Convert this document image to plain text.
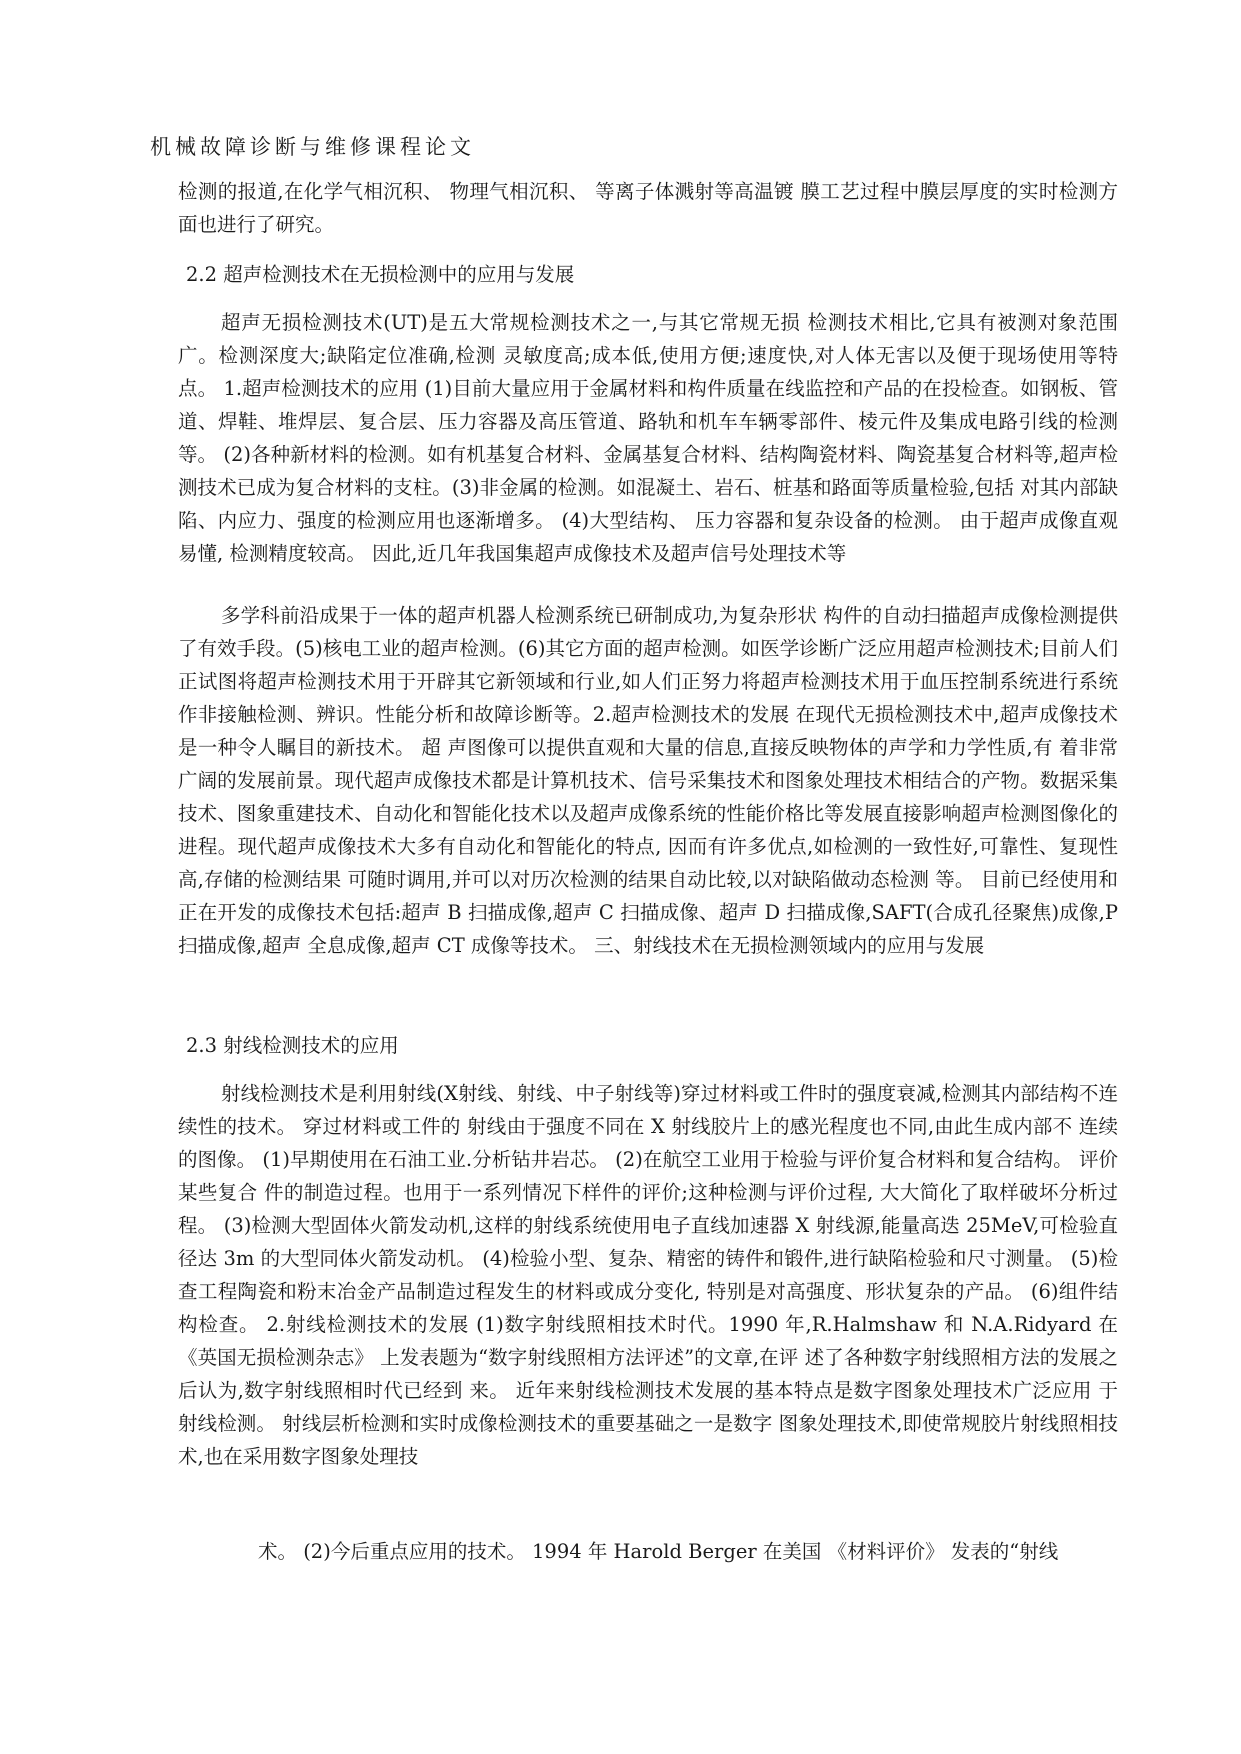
机械故障诊断与维修课程论文

检测的报道,在化学气相沉积、 物理气相沉积、 等离子体溅射等高温镀 膜工艺过程中膜层厚度的实时检测方面也进行了研究。

2.2 超声检测技术在无损检测中的应用与发展

超声无损检测技术(UT)是五大常规检测技术之一,与其它常规无损 检测技术相比,它具有被测对象范围广。检测深度大;缺陷定位准确,检测 灵敏度高;成本低,使用方便;速度快,对人体无害以及便于现场使用等特 点。 1.超声检测技术的应用 (1)目前大量应用于金属材料和构件质量在线监控和产品的在投检查。如钢板、管道、焊鞋、堆焊层、复合层、压力容器及高压管道、路轨和机车车辆零部件、棱元件及集成电路引线的检测等。 (2)各种新材料的检测。如有机基复合材料、金属基复合材料、结构陶瓷材料、陶瓷基复合材料等,超声检测技术已成为复合材料的支柱。(3)非金属的检测。如混凝土、岩石、桩基和路面等质量检验,包括 对其内部缺陷、内应力、强度的检测应用也逐渐增多。 (4)大型结构、 压力容器和复杂设备的检测。 由于超声成像直观易懂, 检测精度较高。 因此,近几年我国集超声成像技术及超声信号处理技术等

多学科前沿成果于一体的超声机器人检测系统已研制成功,为复杂形状 构件的自动扫描超声成像检测提供了有效手段。(5)核电工业的超声检测。(6)其它方面的超声检测。如医学诊断广泛应用超声检测技术;目前人们正试图将超声检测技术用于开辟其它新领域和行业,如人们正努力将超声检测技术用于血压控制系统进行系统作非接触检测、辨识。性能分析和故障诊断等。2.超声检测技术的发展 在现代无损检测技术中,超声成像技术是一种令人瞩目的新技术。 超 声图像可以提供直观和大量的信息,直接反映物体的声学和力学性质,有 着非常广阔的发展前景。现代超声成像技术都是计算机技术、信号采集技术和图象处理技术相结合的产物。数据采集技术、图象重建技术、自动化和智能化技术以及超声成像系统的性能价格比等发展直接影响超声检测图像化的进程。现代超声成像技术大多有自动化和智能化的特点, 因而有许多优点,如检测的一致性好,可靠性、复现性高,存储的检测结果 可随时调用,并可以对历次检测的结果自动比较,以对缺陷做动态检测 等。 目前已经使用和正在开发的成像技术包括:超声 B 扫描成像,超声 C 扫描成像、超声 D 扫描成像,SAFT(合成孔径聚焦)成像,P 扫描成像,超声 全息成像,超声 CT 成像等技术。 三、射线技术在无损检测领域内的应用与发展

2.3 射线检测技术的应用

射线检测技术是利用射线(X射线、射线、中子射线等)穿过材料或工件时的强度衰减,检测其内部结构不连续性的技术。 穿过材料或工件的 射线由于强度不同在 X 射线胶片上的感光程度也不同,由此生成内部不 连续的图像。 (1)早期使用在石油工业.分析钻井岩芯。 (2)在航空工业用于检验与评价复合材料和复合结构。 评价某些复合 件的制造过程。也用于一系列情况下样件的评价;这种检测与评价过程, 大大简化了取样破坏分析过程。 (3)检测大型固体火箭发动机,这样的射线系统使用电子直线加速器 X 射线源,能量高迭 25MeV,可检验直径达 3m 的大型同体火箭发动机。 (4)检验小型、复杂、精密的铸件和锻件,进行缺陷检验和尺寸测量。 (5)检查工程陶瓷和粉末冶金产品制造过程发生的材料或成分变化, 特别是对高强度、形状复杂的产品。 (6)组件结构检查。 2.射线检测技术的发展 (1)数字射线照相技术时代。1990 年,R.Halmshaw 和 N.A.Ridyard 在 《英国无损检测杂志》 上发表题为“数字射线照相方法评述”的文章,在评 述了各种数字射线照相方法的发展之后认为,数字射线照相时代已经到 来。 近年来射线检测技术发展的基本特点是数字图象处理技术广泛应用 于射线检测。 射线层析检测和实时成像检测技术的重要基础之一是数字 图象处理技术,即使常规胶片射线照相技术,也在采用数字图象处理技

术。 (2)今后重点应用的技术。 1994 年 Harold Berger 在美国 《材料评价》 发表的“射线
